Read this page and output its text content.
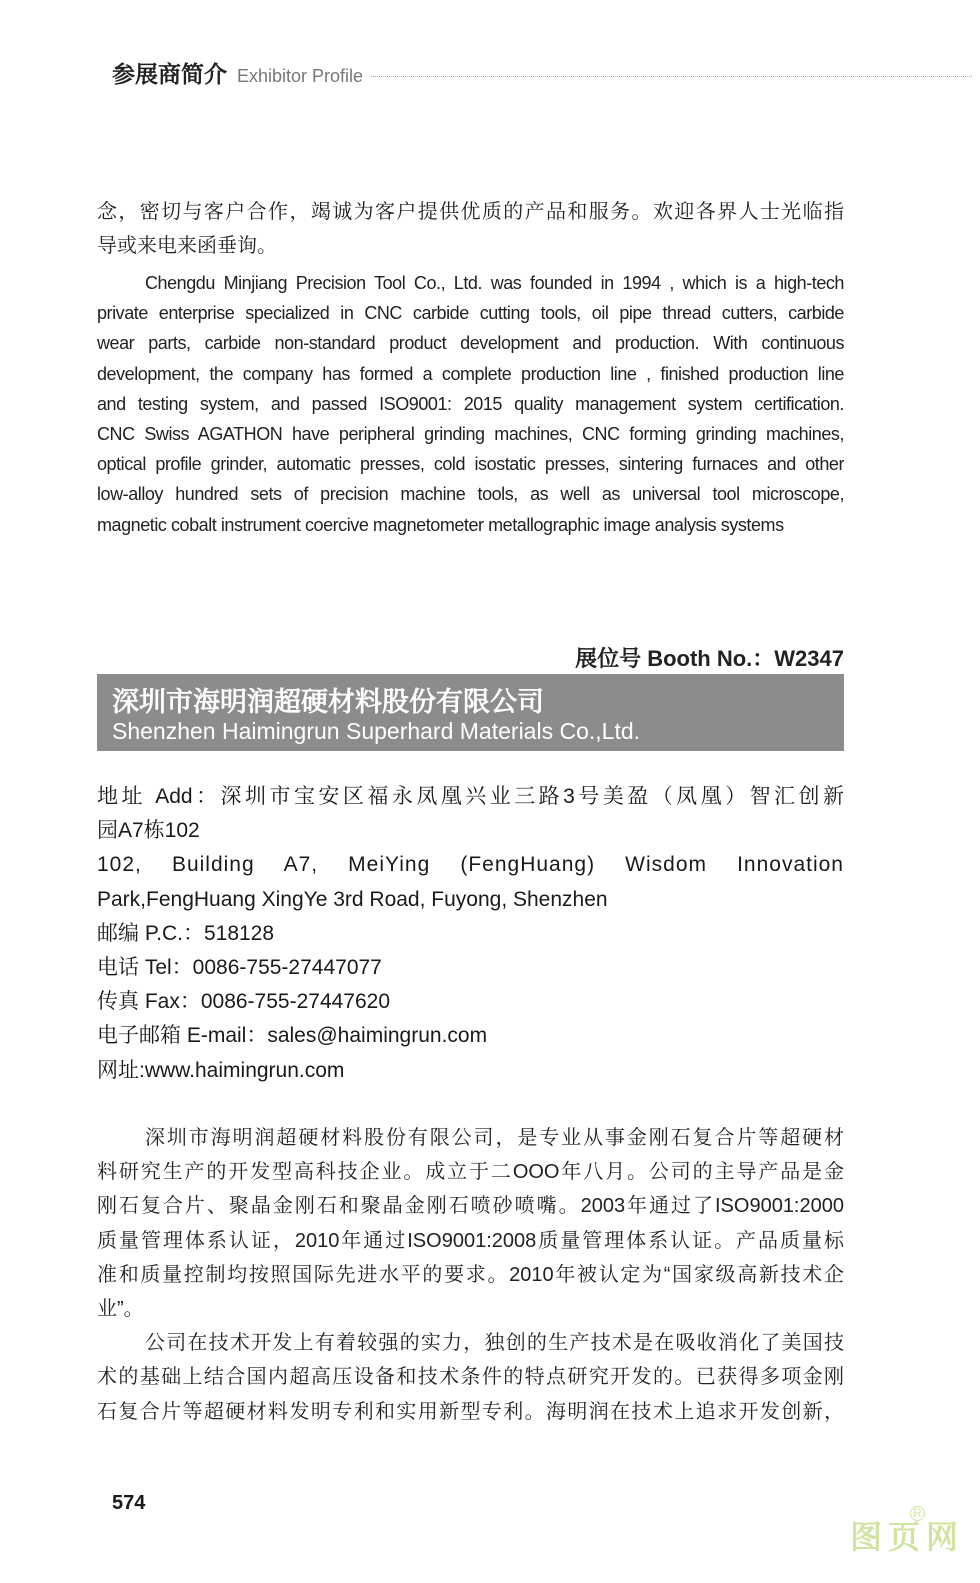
参展商简介 Exhibitor Profile
念，密切与客户合作，竭诚为客户提供优质的产品和服务。欢迎各界人士光临指
导或来电来函垂询。
Chengdu Minjiang Precision Tool Co., Ltd. was founded in 1994 , which is a high-tech
private enterprise specialized in CNC carbide cutting tools, oil pipe thread cutters, carbide
wear parts, carbide non-standard product development and production. With continuous
development, the company has formed a complete production line , finished production line
and testing system, and passed ISO9001: 2015 quality management system certification.
CNC Swiss AGATHON have peripheral grinding machines, CNC forming grinding machines,
optical profile grinder, automatic presses, cold isostatic presses, sintering furnaces and other
low-alloy hundred sets of precision machine tools, as well as universal tool microscope,
magnetic cobalt instrument coercive magnetometer metallographic image analysis systems
展位号 Booth No.：W2347
深圳市海明润超硬材料股份有限公司
Shenzhen Haimingrun Superhard Materials Co.,Ltd.
地址 Add：深圳市宝安区福永凤凰兴业三路3号美盈（凤凰）智汇创新
园A7栋102
102, Building A7, MeiYing (FengHuang) Wisdom Innovation
Park,FengHuang XingYe 3rd Road, Fuyong, Shenzhen
邮编 P.C.：518128
电话 Tel：0086-755-27447077
传真 Fax：0086-755-27447620
电子邮箱 E-mail：sales@haimingrun.com
网址:www.haimingrun.com
深圳市海明润超硬材料股份有限公司，是专业从事金刚石复合片等超硬材
料研究生产的开发型高科技企业。成立于二OOO年八月。公司的主导产品是金
刚石复合片、聚晶金刚石和聚晶金刚石喷砂喷嘴。2003年通过了ISO9001:2000
质量管理体系认证，2010年通过ISO9001:2008质量管理体系认证。产品质量标
准和质量控制均按照国际先进水平的要求。2010年被认定为“国家级高新技术企
业”。
公司在技术开发上有着较强的实力，独创的生产技术是在吸收消化了美国技
术的基础上结合国内超高压设备和技术条件的特点研究开发的。已获得多项金刚
石复合片等超硬材料发明专利和实用新型专利。海明润在技术上追求开发创新，
574
图页网
R
